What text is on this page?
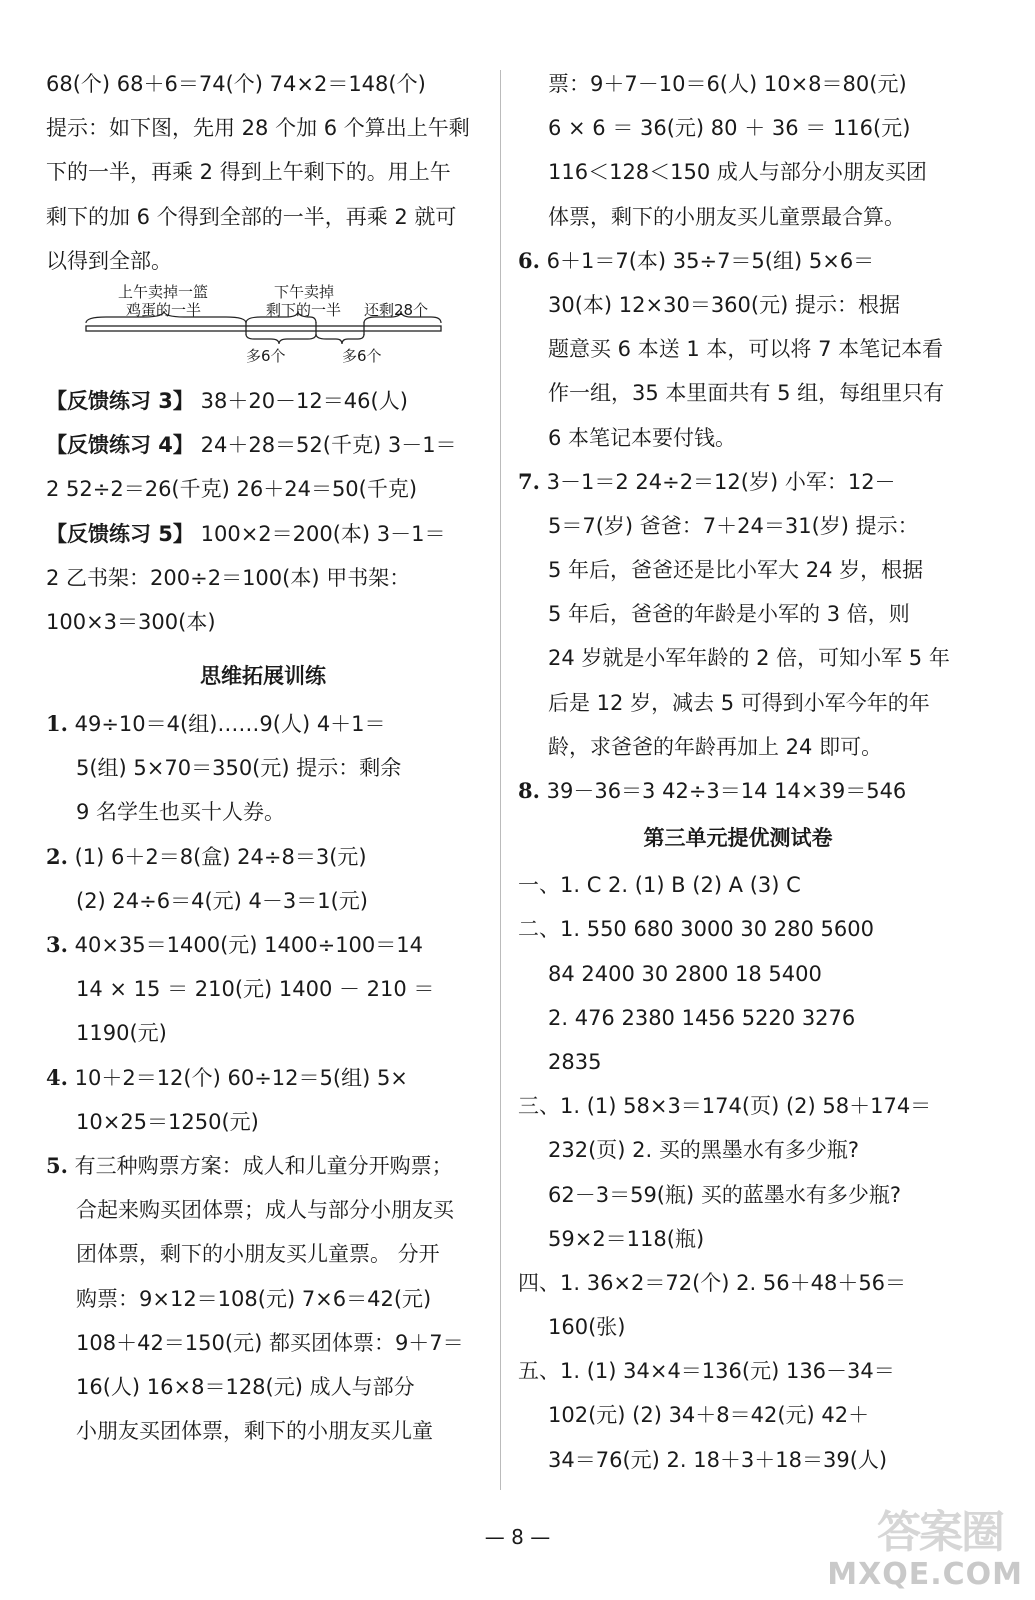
68(个) 68＋6＝74(个) 74×2＝148(个)
提示：如下图，先用 28 个加 6 个算出上午剩
下的一半，再乘 2 得到上午剩下的。用上午
剩下的加 6 个得到全部的一半，再乘 2 就可
以得到全部。
上午卖掉一篮
鸡蛋的一半
下午卖掉
剩下的一半 还剩28个
多6个	多6个
【反馈练习 3】 38＋20－12＝46(人)
【反馈练习 4】 24＋28＝52(千克) 3－1＝
2 52÷2＝26(千克) 26＋24＝50(千克)
【反馈练习 5】 100×2＝200(本) 3－1＝
2 乙书架：200÷2＝100(本) 甲书架：
100×3＝300(本)
思维拓展训练
1. 49÷10＝4(组)……9(人) 4＋1＝
5(组) 5×70＝350(元) 提示：剩余
9 名学生也买十人券。
2. (1) 6＋2＝8(盒) 24÷8＝3(元)
(2) 24÷6＝4(元) 4－3＝1(元)
3. 40×35＝1400(元) 1400÷100＝14
14 × 15 ＝ 210(元) 1400 － 210 ＝
1190(元)
4. 10＋2＝12(个) 60÷12＝5(组) 5×
10×25＝1250(元)
5. 有三种购票方案：成人和儿童分开购票；
合起来购买团体票；成人与部分小朋友买
团体票，剩下的小朋友买儿童票。 分开
购票：9×12＝108(元) 7×6＝42(元)
108＋42＝150(元) 都买团体票：9＋7＝
16(人) 16×8＝128(元) 成人与部分
小朋友买团体票，剩下的小朋友买儿童
票：9＋7－10＝6(人) 10×8＝80(元)
6 × 6 ＝ 36(元) 80 ＋ 36 ＝ 116(元)
116＜128＜150 成人与部分小朋友买团
体票，剩下的小朋友买儿童票最合算。
6. 6＋1＝7(本) 35÷7＝5(组) 5×6＝
30(本) 12×30＝360(元) 提示：根据
题意买 6 本送 1 本，可以将 7 本笔记本看
作一组，35 本里面共有 5 组，每组里只有
6 本笔记本要付钱。
7. 3－1＝2 24÷2＝12(岁) 小军：12－
5＝7(岁) 爸爸：7＋24＝31(岁) 提示：
5 年后，爸爸还是比小军大 24 岁，根据
5 年后，爸爸的年龄是小军的 3 倍，则
24 岁就是小军年龄的 2 倍，可知小军 5 年
后是 12 岁，减去 5 可得到小军今年的年
龄，求爸爸的年龄再加上 24 即可。
8. 39－36＝3 42÷3＝14 14×39＝546
第三单元提优测试卷
一、1. C 2. (1) B (2) A (3) C
二、1. 550 680 3000 30 280 5600
84 2400 30 2800 18 5400
2. 476 2380 1456 5220 3276
2835
三、1. (1) 58×3＝174(页) (2) 58＋174＝
232(页) 2. 买的黑墨水有多少瓶?
62－3＝59(瓶) 买的蓝墨水有多少瓶?
59×2＝118(瓶)
四、1. 36×2＝72(个) 2. 56＋48＋56＝
160(张)
五、1. (1) 34×4＝136(元) 136－34＝
102(元) (2) 34＋8＝42(元) 42＋
34＝76(元) 2. 18＋3＋18＝39(人)
— 8 —	答案圈
MXQE.COM
